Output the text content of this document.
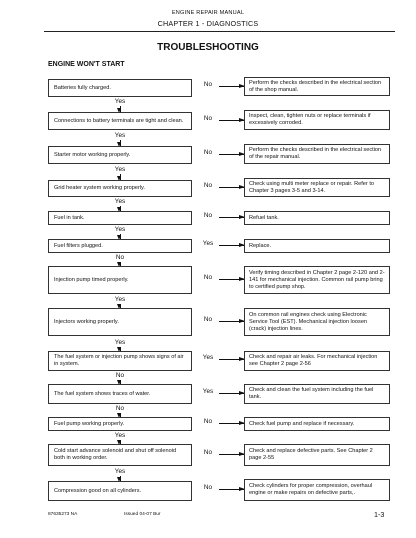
ENGINE REPAIR MANUAL
CHAPTER 1 - DIAGNOSTICS
TROUBLESHOOTING
ENGINE WON'T START
Batteries fully charged.	No	Perform the checks described in the electrical section of the shop manual.
Yes
Connections to battery terminals are tight and clean.	No	Inspect, clean, tighten nuts or replace terminals if excessively corroded.
Yes
Starter motor working properly.	No	Perform the checks described in the electrical section of the repair manual.
Yes
Grid heater system working properly.	No	Check using multi meter replace or repair. Refer to Chapter 3 pages 3-5 and 3-14.
Yes
Fuel in tank.	No	Refuel tank.
Yes
Fuel filters plugged.	Yes	Replace.
No
Injection pump timed properly.	No
Verify timing described in Chapter 2 page 2-120 and 2-141 for mechanical injection. Common rail pump bring to certified pump shop.
Yes
Injectors working properly.	No
On common rail engines check using Electronic Service Tool (EST). Mechanical injection loosen (crack) injection lines.
Yes
The fuel system or injection pump shows signs of air in system.
Yes	Check and repair air leaks. For mechanical injection see Chapter 2 page 2-56
No
The fuel system shows traces of water.	Yes	Check and clean the fuel system including the fuel tank.
No
Fuel pump working properly.	No	Check fuel pump and replace if necessary.
Yes
Cold start advance solenoid and shut off solenoid both in working order.
No	Check and replace defective parts. See Chapter 2 page 2-55
Yes
Compression good on all cylinders.	No	Check cylinders for proper compression, overhaul engine or make repairs on defective parts,.
87635273 NA	Issued 04-07 Bur	1-3
